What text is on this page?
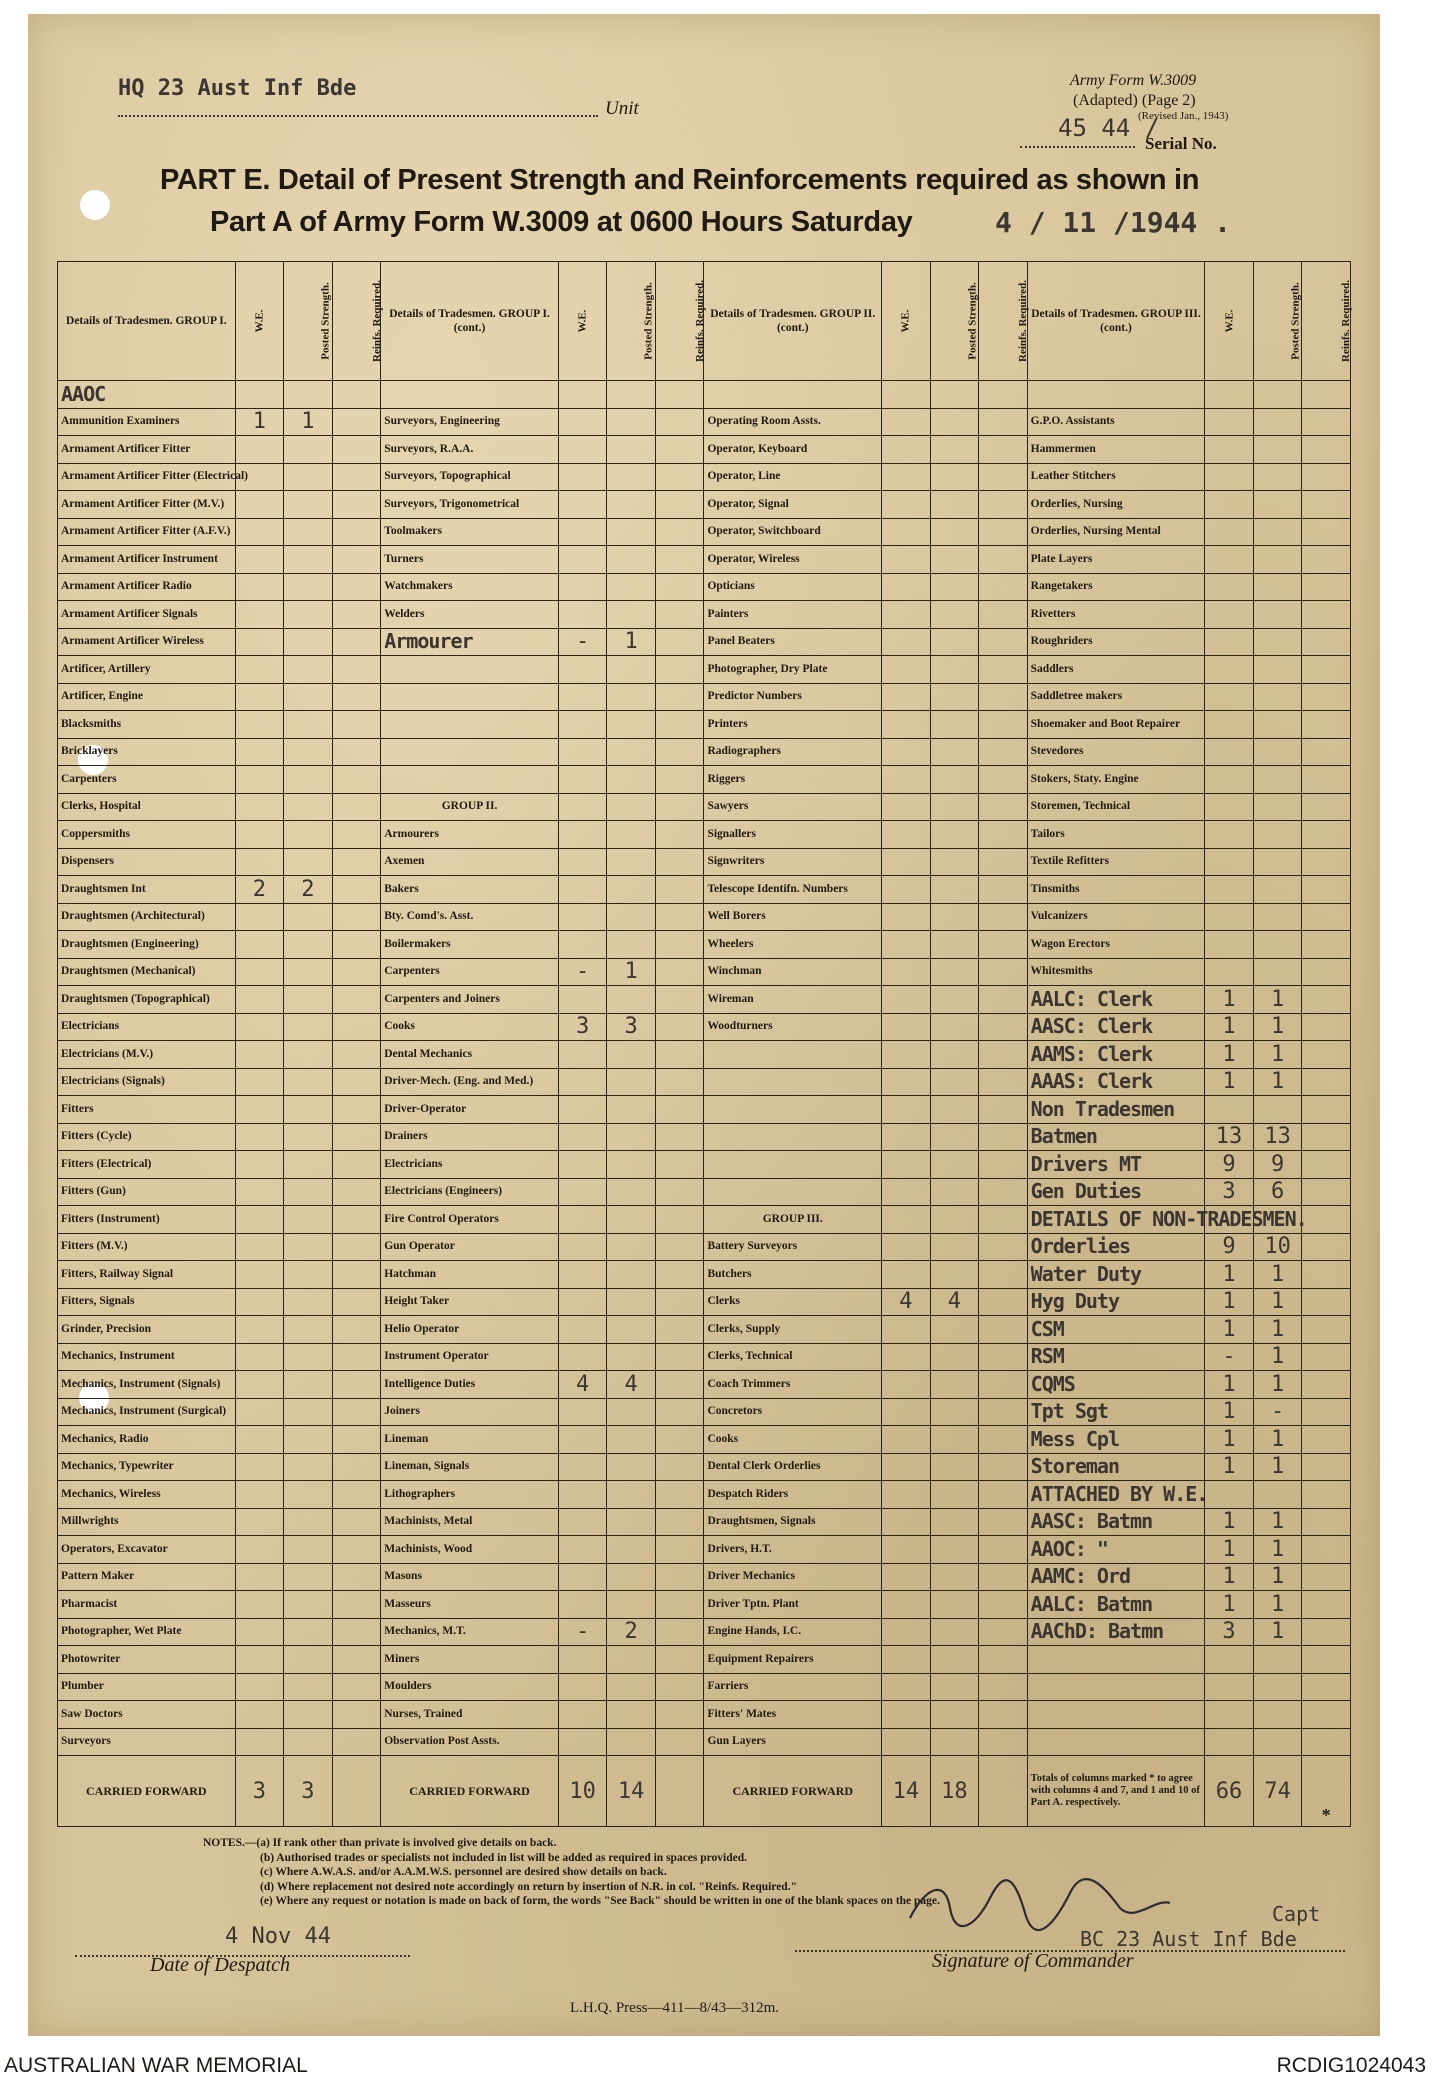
HQ 23 Aust Inf Bde
Unit
Army Form W.3009
(Adapted) (Page 2)
(Revised Jan., 1943)
45 44 /
Serial No.
PART E. Detail of Present Strength and Reinforcements required as shown in
Part A of Army Form W.3009 at 0600 Hours Saturday	4 / 11 /1944 .
Details of Tradesmen. GROUP I.	W.E.	Posted Strength.	Reinfs. Required.	Details of Tradesmen. GROUP I. (cont.)	W.E.	Posted Strength.	Reinfs. Required.	Details of Tradesmen. GROUP II. (cont.)	W.E.	Posted Strength.	Reinfs. Required.	Details of Tradesmen. GROUP III. (cont.)	W.E.	Posted Strength.	Reinfs. Required.
AAOC															
Ammunition Examiners	1	1		Surveyors, Engineering				Operating Room Assts.				G.P.O. Assistants			
Armament Artificer Fitter				Surveyors, R.A.A.				Operator, Keyboard				Hammermen			
Armament Artificer Fitter (Electrical)				Surveyors, Topographical				Operator, Line				Leather Stitchers			
Armament Artificer Fitter (M.V.)				Surveyors, Trigonometrical				Operator, Signal				Orderlies, Nursing			
Armament Artificer Fitter (A.F.V.)				Toolmakers				Operator, Switchboard				Orderlies, Nursing Mental			
Armament Artificer Instrument				Turners				Operator, Wireless				Plate Layers			
Armament Artificer Radio				Watchmakers				Opticians				Rangetakers			
Armament Artificer Signals				Welders				Painters				Rivetters			
Armament Artificer Wireless				Armourer	-	1		Panel Beaters				Roughriders			
Artificer, Artillery								Photographer, Dry Plate				Saddlers			
Artificer, Engine								Predictor Numbers				Saddletree makers			
Blacksmiths								Printers				Shoemaker and Boot Repairer			
Bricklayers								Radiographers				Stevedores			
Carpenters								Riggers				Stokers, Staty. Engine			
Clerks, Hospital				GROUP II.				Sawyers				Storemen, Technical			
Coppersmiths				Armourers				Signallers				Tailors			
Dispensers				Axemen				Signwriters				Textile Refitters			
Draughtsmen Int	2	2		Bakers				Telescope Identifn. Numbers				Tinsmiths			
Draughtsmen (Architectural)				Bty. Comd's. Asst.				Well Borers				Vulcanizers			
Draughtsmen (Engineering)				Boilermakers				Wheelers				Wagon Erectors			
Draughtsmen (Mechanical)				Carpenters	-	1		Winchman				Whitesmiths			
Draughtsmen (Topographical)				Carpenters and Joiners				Wireman				AALC: Clerk	1	1	
Electricians				Cooks	3	3		Woodturners				AASC: Clerk	1	1	
Electricians (M.V.)				Dental Mechanics								AAMS: Clerk	1	1	
Electricians (Signals)				Driver-Mech. (Eng. and Med.)								AAAS: Clerk	1	1	
Fitters				Driver-Operator								Non Tradesmen			
Fitters (Cycle)				Drainers								Batmen	13	13	
Fitters (Electrical)				Electricians								Drivers MT	9	9	
Fitters (Gun)				Electricians (Engineers)								Gen Duties	3	6	
Fitters (Instrument)				Fire Control Operators				GROUP III.				DETAILS OF NON-TRADESMEN.			
Fitters (M.V.)				Gun Operator				Battery Surveyors				Orderlies	9	10	
Fitters, Railway Signal				Hatchman				Butchers				Water Duty	1	1	
Fitters, Signals				Height Taker				Clerks	4	4		Hyg Duty	1	1	
Grinder, Precision				Helio Operator				Clerks, Supply				CSM	1	1	
Mechanics, Instrument				Instrument Operator				Clerks, Technical				RSM	-	1	
Mechanics, Instrument (Signals)				Intelligence Duties	4	4		Coach Trimmers				CQMS	1	1	
Mechanics, Instrument (Surgical)				Joiners				Concretors				Tpt Sgt	1	-	
Mechanics, Radio				Lineman				Cooks				Mess Cpl	1	1	
Mechanics, Typewriter				Lineman, Signals				Dental Clerk Orderlies				Storeman	1	1	
Mechanics, Wireless				Lithographers				Despatch Riders				ATTACHED BY W.E.			
Millwrights				Machinists, Metal				Draughtsmen, Signals				AASC: Batmn	1	1	
Operators, Excavator				Machinists, Wood				Drivers, H.T.				AAOC: "	1	1	
Pattern Maker				Masons				Driver Mechanics				AAMC: Ord	1	1	
Pharmacist				Masseurs				Driver Tptn. Plant				AALC: Batmn	1	1	
Photographer, Wet Plate				Mechanics, M.T.	-	2		Engine Hands, I.C.				AAChD: Batmn	3	1	
Photowriter				Miners				Equipment Repairers							
Plumber				Moulders				Farriers							
Saw Doctors				Nurses, Trained				Fitters' Mates							
Surveyors				Observation Post Assts.				Gun Layers							
CARRIED FORWARD	3	3		CARRIED FORWARD	10	14		CARRIED FORWARD	14	18		Totals of columns marked * to agree with columns 4 and 7, and 1 and 10 of Part A. respectively.	66	74	*
NOTES.—(a) If rank other than private is involved give details on back.
(b) Authorised trades or specialists not included in list will be added as required in spaces provided.
(c) Where A.W.A.S. and/or A.A.M.W.S. personnel are desired show details on back.
(d) Where replacement not desired note accordingly on return by insertion of N.R. in col. "Reinfs. Required."
(e) Where any request or notation is made on back of form, the words "See Back" should be written in one of the blank spaces on the page.
4 Nov 44
Date of Despatch
Capt
BC 23 Aust Inf Bde
Signature of Commander
L.H.Q. Press—411—8/43—312m.
AUSTRALIAN WAR MEMORIAL	RCDIG1024043
